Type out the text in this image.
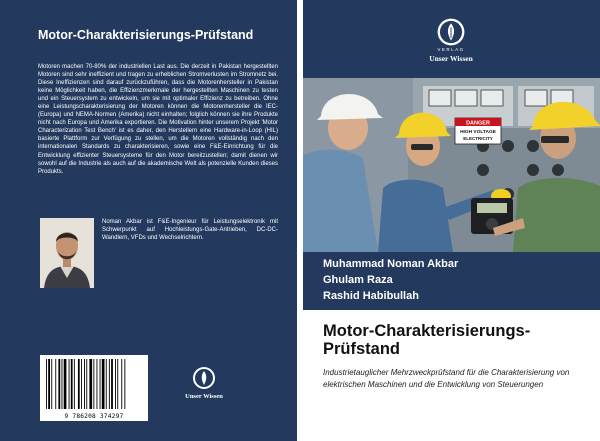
Motor-Charakterisierungs-Prüfstand
Motoren machen 70-80% der industriellen Last aus. Die derzeit in Pakistan hergestellten Motoren sind sehr ineffizient und tragen zu erheblichen Stromverlusten im Stromnetz bei. Diese Ineffizienzen sind darauf zurückzuführen, dass die Motorenhersteller in Pakistan keine Möglichkeit haben, die Effizienzmerkmale der hergestellten Maschinen zu testen und ein Steuersystem zu entwickeln, um sie mit optimaler Effizienz zu betreiben. Ohne eine Leistungscharakterisierung der Motoren können die Motorenhersteller die IEC- (Europa) und NEMA-Normen (Amerika) nicht einhalten; folglich können sie ihre Produkte nicht nach Europa und Amerika exportieren. Die Motivation hinter unserem Projekt 'Motor Characterization Test Bench' ist es daher, den Herstellern eine Hardware-in-Loop (HIL) basierte Plattform zur Verfügung zu stellen, um die Motoren vollständig nach den internationalen Standards zu charakterisieren, sowie eine F&E-Einrichtung für die Entwicklung effizienter Steuersysteme für den Motor bereitzustellen; damit dienen wir sowohl auf die Industrie als auch auf die akademische Welt als potenzielle Kunden dieses Produkts.
Noman Akbar ist F&E-Ingenieur für Leistungselektronik mit Schwerpunkt auf Hochleistungs-Gate-Antrieben, DC-DC-Wandlern, VFDs und Wechselrichtern.
9 786208 374297
Unser Wissen
VERLAG
Unser Wissen
DANGER
HIGH VOLTAGE
ELECTRICITY
Muhammad Noman Akbar
Ghulam Raza
Rashid Habibullah
Motor-Charakterisierungs-Prüfstand
Industrietauglicher Mehrzweckprüfstand für die Charakterisierung von elektrischen Maschinen und die Entwicklung von Steuerungen
